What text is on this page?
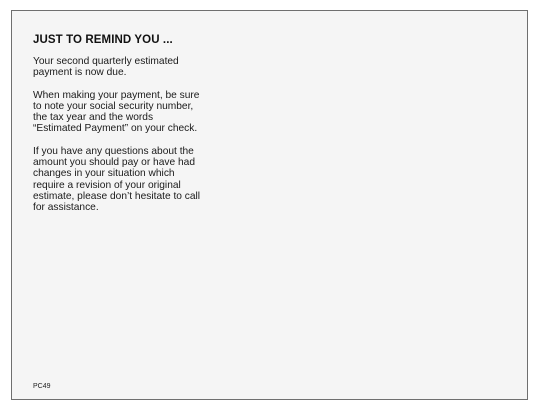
JUST TO REMIND YOU ...

Your second quarterly estimated
payment is now due.

When making your payment, be sure
to note your social security number,
the tax year and the words
“Estimated Payment” on your check.

If you have any questions about the
amount you should pay or have had
changes in your situation which
require a revision of your original
estimate, please don’t hesitate to call
for assistance.

PC49
